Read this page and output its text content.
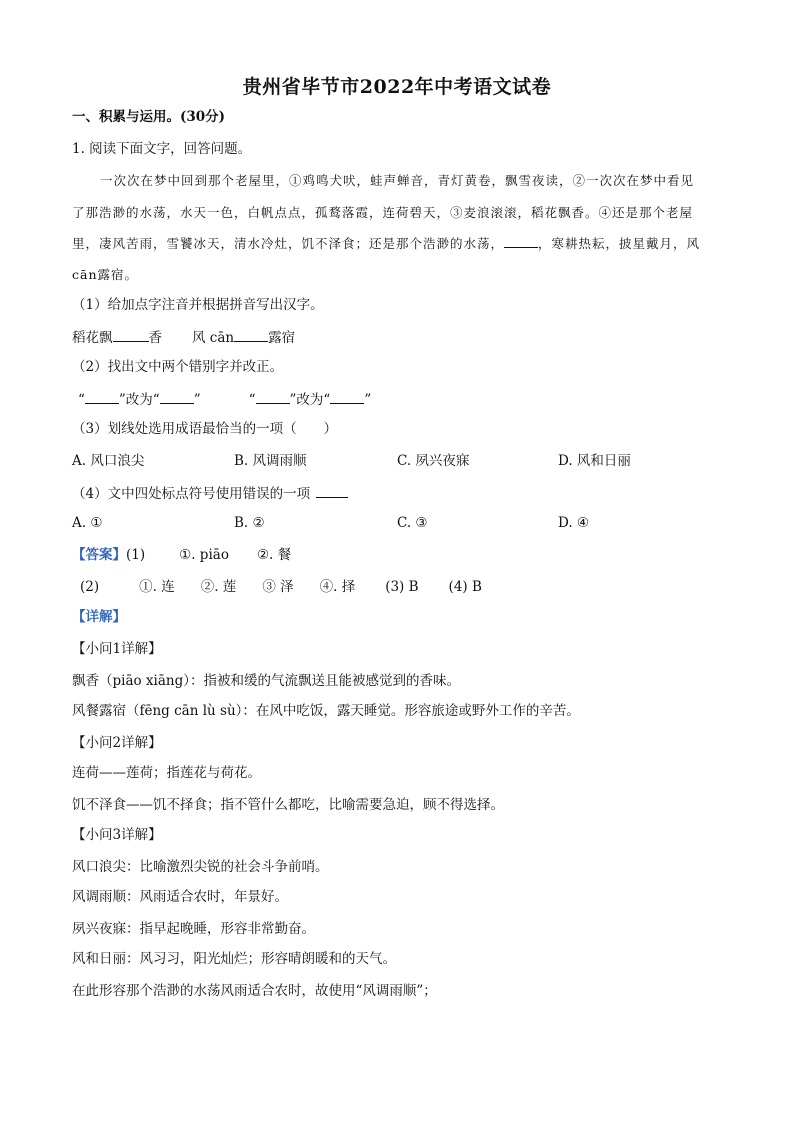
贵州省毕节市2022年中考语文试卷
一、积累与运用。(30分)
1. 阅读下面文字，回答问题。
一次次在梦中回到那个老屋里，①鸡鸣犬吠，蛙声蝉音，青灯黄卷，飘雪夜读，②一次次在梦中看见
了那浩渺的水荡，水天一色，白帆点点，孤鹜落霞，连荷碧天，③麦浪滚滚，稻花飘香。④还是那个老屋
里，凄风苦雨，雪饕冰天，清水冷灶，饥不泽食；还是那个浩渺的水荡，	，寒耕热耘，披星戴月，风
cān露宿。
（1）给加点字注音并根据拼音写出汉字。
稻花飘	香 风 cān	露宿
（2）找出文中两个错别字并改正。
“	”改为“	”	“	”改为“	”
（3）划线处选用成语最恰当的一项（　　）
A. 风口浪尖	B. 风调雨顺	C. 夙兴夜寐	D. 风和日丽
（4）文中四处标点符号使用错误的一项
A. ①	B. ②	C. ③	D. ④
【答案】(1)	①. piāo ②. 餐
(2)	①. 连 ②. 莲 ③ 泽 ④. 择 (3) B (4) B
【详解】
【小问1详解】
飘香（piāo xiāng）：指被和缓的气流飘送且能被感觉到的香味。
风餐露宿（fēng cān lù sù）：在风中吃饭，露天睡觉。形容旅途或野外工作的辛苦。
【小问2详解】
连荷——莲荷；指莲花与荷花。
饥不泽食——饥不择食；指不管什么都吃，比喻需要急迫，顾不得选择。
【小问3详解】
风口浪尖：比喻激烈尖锐的社会斗争前哨。
风调雨顺：风雨适合农时，年景好。
夙兴夜寐：指早起晚睡，形容非常勤奋。
风和日丽：风习习，阳光灿烂；形容晴朗暖和的天气。
在此形容那个浩渺的水荡风雨适合农时，故使用“风调雨顺”；
